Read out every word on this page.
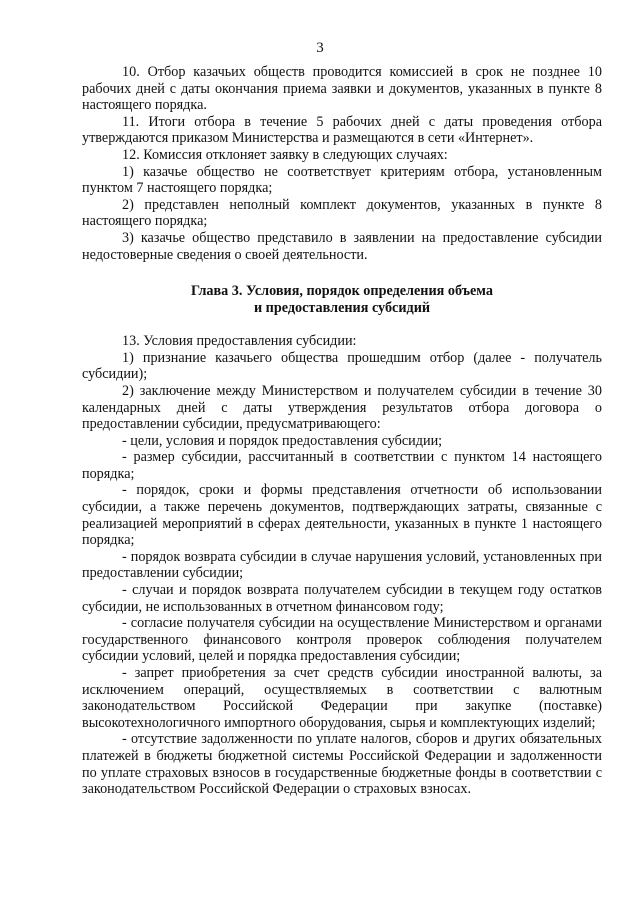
3

10. Отбор казачьих обществ проводится комиссией в срок не позднее 10 рабочих дней с даты окончания приема заявки и документов, указанных в пункте 8 настоящего порядка.

11. Итоги отбора в течение 5 рабочих дней с даты проведения отбора утверждаются приказом Министерства и размещаются в сети «Интернет».

12. Комиссия отклоняет заявку в следующих случаях:

1) казачье общество не соответствует критериям отбора, установленным пунктом 7 настоящего порядка;

2) представлен неполный комплект документов, указанных в пункте 8 настоящего порядка;

3) казачье общество представило в заявлении на предоставление субсидии недостоверные сведения о своей деятельности.

Глава 3. Условия, порядок определения объема
и предоставления субсидий

13. Условия предоставления субсидии:

1) признание казачьего общества прошедшим отбор (далее - получатель субсидии);

2) заключение между Министерством и получателем субсидии в течение 30 календарных дней с даты утверждения результатов отбора договора о предоставлении субсидии, предусматривающего:

- цели, условия и порядок предоставления субсидии;

- размер субсидии, рассчитанный в соответствии с пунктом 14 настоящего порядка;

- порядок, сроки и формы представления отчетности об использовании субсидии, а также перечень документов, подтверждающих затраты, связанные с реализацией мероприятий в сферах деятельности, указанных в пункте 1 настоящего порядка;

- порядок возврата субсидии в случае нарушения условий, установленных при предоставлении субсидии;

- случаи и порядок возврата получателем субсидии в текущем году остатков субсидии, не использованных в отчетном финансовом году;

- согласие получателя субсидии на осуществление Министерством и органами государственного финансового контроля проверок соблюдения получателем субсидии условий, целей и порядка предоставления субсидии;

- запрет приобретения за счет средств субсидии иностранной валюты, за исключением операций, осуществляемых в соответствии с валютным законодательством Российской Федерации при закупке (поставке) высокотехнологичного импортного оборудования, сырья и комплектующих изделий;

- отсутствие задолженности по уплате налогов, сборов и других обязательных платежей в бюджеты бюджетной системы Российской Федерации и задолженности по уплате страховых взносов в государственные бюджетные фонды в соответствии с законодательством Российской Федерации о страховых взносах.
